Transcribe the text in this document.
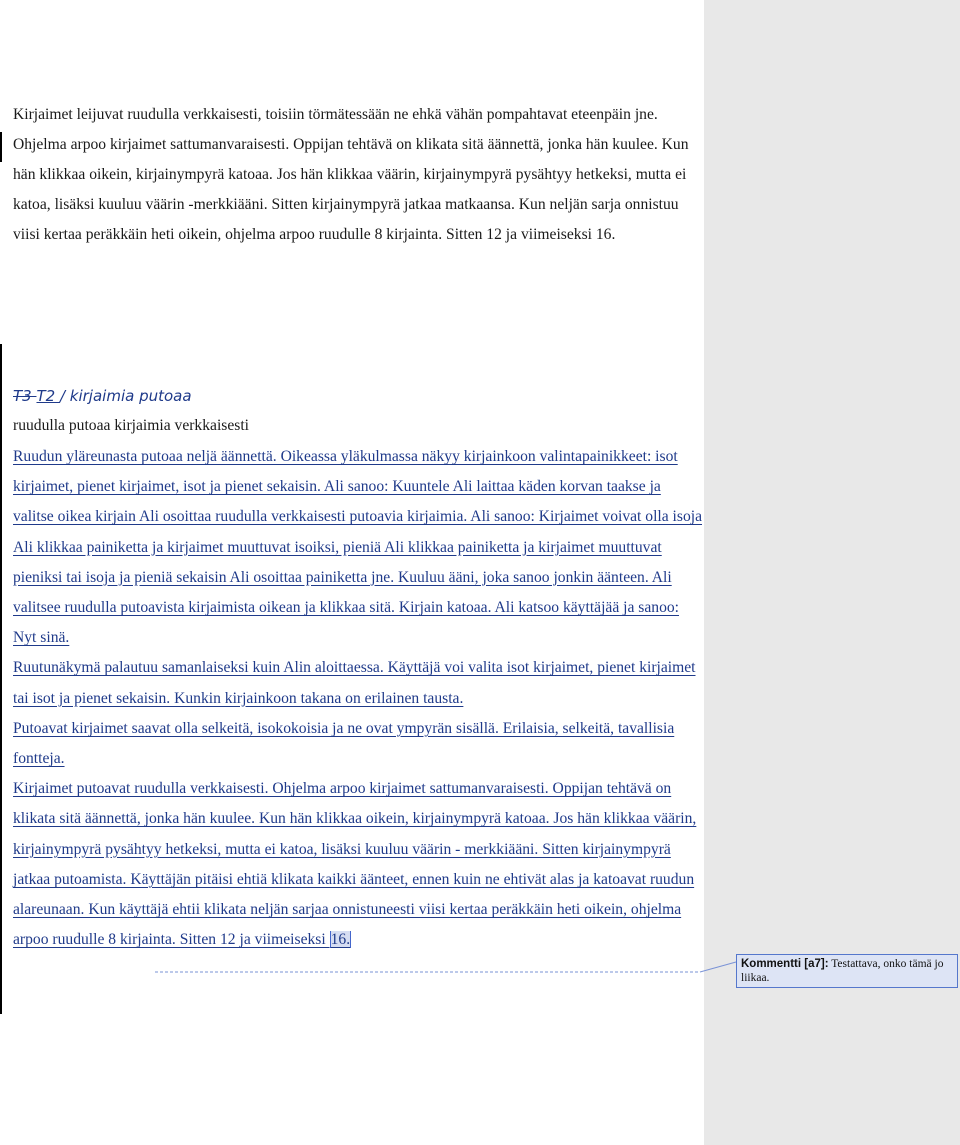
Kirjaimet leijuvat ruudulla verkkaisesti, toisiin törmätessään ne ehkä vähän pompahtavat eteenpäin jne. Ohjelma arpoo kirjaimet sattumanvaraisesti. Oppijan tehtävä on klikata sitä äännettä, jonka hän kuulee. Kun hän klikkaa oikein, kirjainympyrä katoaa. Jos hän klikkaa väärin, kirjainympyrä pysähtyy hetkeksi, mutta ei katoa, lisäksi kuuluu väärin -merkkiääni. Sitten kirjainympyrä jatkaa matkaansa. Kun neljän sarja onnistuu viisi kertaa peräkkäin heti oikein, ohjelma arpoo ruudulle 8 kirjainta. Sitten 12 ja viimeiseksi 16.

T3 T2 / kirjaimia putoaa
ruudulla putoaa kirjaimia verkkaisesti
Ruudun yläreunasta putoaa neljä äännettä. Oikeassa yläkulmassa näkyy kirjainkoon valintapainikkeet: isot kirjaimet, pienet kirjaimet, isot ja pienet sekaisin. Ali sanoo: Kuuntele Ali laittaa käden korvan taakse ja valitse oikea kirjain Ali osoittaa ruudulla verkkaisesti putoavia kirjaimia. Ali sanoo: Kirjaimet voivat olla isoja Ali klikkaa painiketta ja kirjaimet muuttuvat isoiksi, pieniä Ali klikkaa painiketta ja kirjaimet muuttuvat pieniksi tai isoja ja pieniä sekaisin Ali osoittaa painiketta jne. Kuuluu ääni, joka sanoo jonkin äänteen. Ali valitsee ruudulla putoavista kirjaimista oikean ja klikkaa sitä. Kirjain katoaa. Ali katsoo käyttäjää ja sanoo: Nyt sinä.
Ruutunäkymä palautuu samanlaiseksi kuin Alin aloittaessa. Käyttäjä voi valita isot kirjaimet, pienet kirjaimet tai isot ja pienet sekaisin. Kunkin kirjainkoon takana on erilainen tausta.
Putoavat kirjaimet saavat olla selkeitä, isokokoisia ja ne ovat ympyrän sisällä. Erilaisia, selkeitä, tavallisia fontteja.
Kirjaimet putoavat ruudulla verkkaisesti. Ohjelma arpoo kirjaimet sattumanvaraisesti. Oppijan tehtävä on klikata sitä äännettä, jonka hän kuulee. Kun hän klikkaa oikein, kirjainympyrä katoaa. Jos hän klikkaa väärin, kirjainympyrä pysähtyy hetkeksi, mutta ei katoa, lisäksi kuuluu väärin - merkkiääni. Sitten kirjainympyrä jatkaa putoamista. Käyttäjän pitäisi ehtiä klikata kaikki äänteet, ennen kuin ne ehtivät alas ja katoavat ruudun alareunaan. Kun käyttäjä ehtii klikata neljän sarjaa onnistuneesti viisi kertaa peräkkäin heti oikein, ohjelma arpoo ruudulle 8 kirjainta. Sitten 12 ja viimeiseksi 16.
Kommentti [a7]: Testattava, onko tämä jo liikaa.
